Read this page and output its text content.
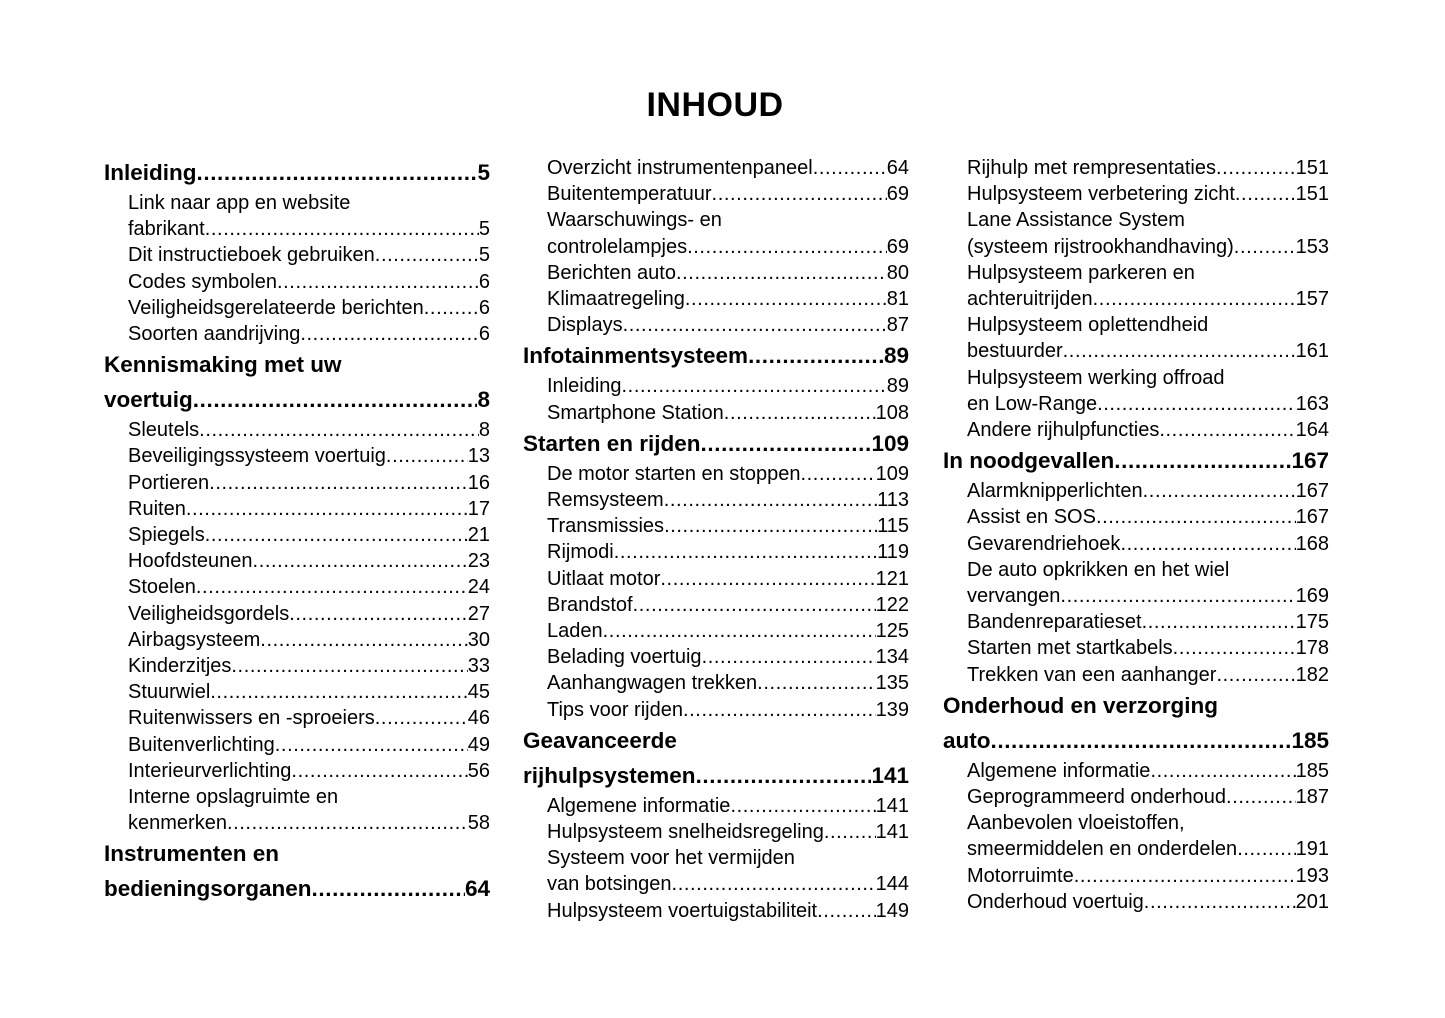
INHOUD
Inleiding .....	5
Link naar app en website
fabrikant .....	5
Dit instructieboek gebruiken .....	5
Codes symbolen .....	6
Veiligheidsgerelateerde berichten .....	6
Soorten aandrijving .....	6
Kennismaking met uw
voertuig .....	8
Sleutels .....	8
Beveiligingssysteem voertuig .....	13
Portieren .....	16
Ruiten .....	17
Spiegels .....	21
Hoofdsteunen .....	23
Stoelen .....	24
Veiligheidsgordels .....	27
Airbagsysteem .....	30
Kinderzitjes .....	33
Stuurwiel .....	45
Ruitenwissers en -sproeiers .....	46
Buitenverlichting .....	49
Interieurverlichting .....	56
Interne opslagruimte en
kenmerken .....	58
Instrumenten en
bedieningsorganen .....	64
Overzicht instrumentenpaneel .....	64
Buitentemperatuur .....	69
Waarschuwings- en
controlelampjes .....	69
Berichten auto .....	80
Klimaatregeling .....	81
Displays .....	87
Infotainmentsysteem .....	89
Inleiding .....	89
Smartphone Station .....	108
Starten en rijden .....	109
De motor starten en stoppen .....	109
Remsysteem .....	113
Transmissies .....	115
Rijmodi .....	119
Uitlaat motor .....	121
Brandstof .....	122
Laden .....	125
Belading voertuig .....	134
Aanhangwagen trekken .....	135
Tips voor rijden .....	139
Geavanceerde
rijhulpsystemen .....	141
Algemene informatie .....	141
Hulpsysteem snelheidsregeling .....	141
Systeem voor het vermijden
van botsingen .....	144
Hulpsysteem voertuigstabiliteit .....	149
Rijhulp met rempresentaties .....	151
Hulpsysteem verbetering zicht .....	151
Lane Assistance System
(systeem rijstrookhandhaving) .....	153
Hulpsysteem parkeren en
achteruitrijden .....	157
Hulpsysteem oplettendheid
bestuurder .....	161
Hulpsysteem werking offroad
en Low-Range .....	163
Andere rijhulpfuncties .....	164
In noodgevallen .....	167
Alarmknipperlichten .....	167
Assist en SOS .....	167
Gevarendriehoek .....	168
De auto opkrikken en het wiel
vervangen .....	169
Bandenreparatieset .....	175
Starten met startkabels .....	178
Trekken van een aanhanger .....	182
Onderhoud en verzorging
auto .....	185
Algemene informatie .....	185
Geprogrammeerd onderhoud .....	187
Aanbevolen vloeistoffen,
smeermiddelen en onderdelen .....	191
Motorruimte .....	193
Onderhoud voertuig .....	201
